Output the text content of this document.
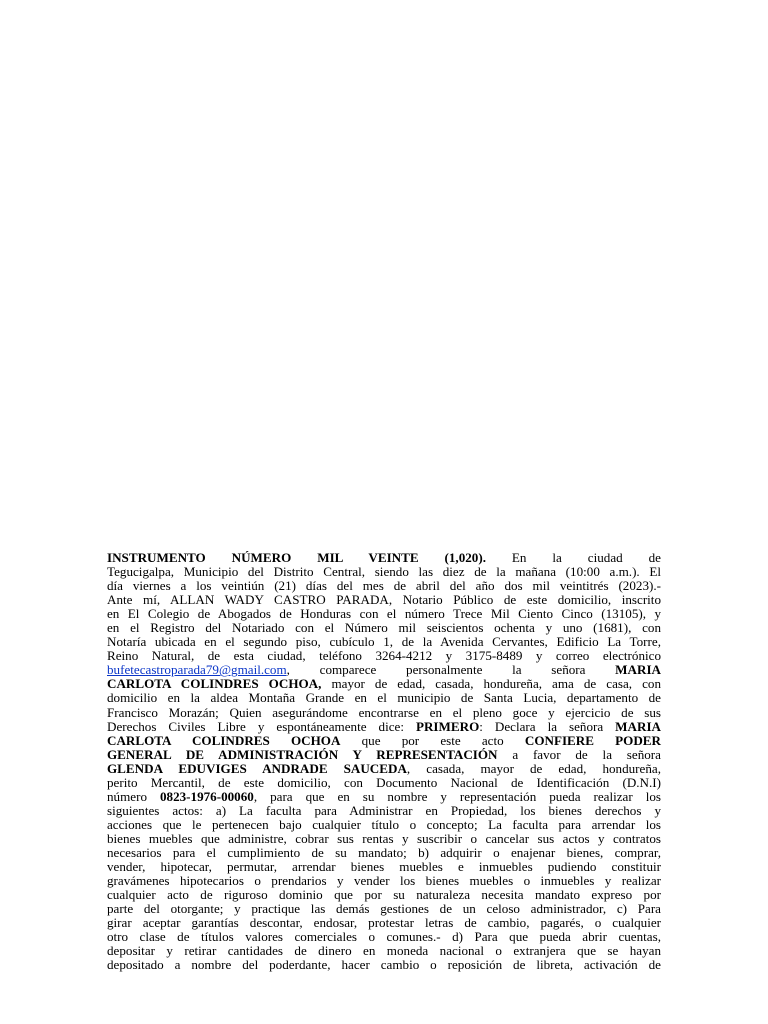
INSTRUMENTO NÚMERO MIL VEINTE (1,020). En la ciudad de
Tegucigalpa, Municipio del Distrito Central, siendo las diez de la mañana (10:00 a.m.). El
día viernes a los veintiún (21) días del mes de abril del año dos mil veintitrés (2023).-
Ante mí, ALLAN WADY CASTRO PARADA, Notario Público de este domicilio, inscrito
en El Colegio de Abogados de Honduras con el número Trece Mil Ciento Cinco (13105), y
en el Registro del Notariado con el Número mil seiscientos ochenta y uno (1681), con
Notaría ubicada en el segundo piso, cubículo 1, de la Avenida Cervantes, Edificio La Torre,
Reino Natural, de esta ciudad, teléfono 3264-4212 y 3175-8489 y correo electrónico
bufetecastroparada79@gmail.com, comparece personalmente la señora MARIA
CARLOTA COLINDRES OCHOA, mayor de edad, casada, hondureña, ama de casa, con
domicilio en la aldea Montaña Grande en el municipio de Santa Lucia, departamento de
Francisco Morazán; Quien asegurándome encontrarse en el pleno goce y ejercicio de sus
Derechos Civiles Libre y espontáneamente dice: PRIMERO: Declara la señora MARIA
CARLOTA COLINDRES OCHOA que por este acto CONFIERE PODER
GENERAL DE ADMINISTRACIÓN Y REPRESENTACIÓN a favor de la señora
GLENDA EDUVIGES ANDRADE SAUCEDA, casada, mayor de edad, hondureña,
perito Mercantil, de este domicilio, con Documento Nacional de Identificación (D.N.I)
número 0823-1976-00060, para que en su nombre y representación pueda realizar los
siguientes actos: a) La faculta para Administrar en Propiedad, los bienes derechos y
acciones que le pertenecen bajo cualquier título o concepto; La faculta para arrendar los
bienes muebles que administre, cobrar sus rentas y suscribir o cancelar sus actos y contratos
necesarios para el cumplimiento de su mandato; b) adquirir o enajenar bienes, comprar,
vender, hipotecar, permutar, arrendar bienes muebles e inmuebles pudiendo constituir
gravámenes hipotecarios o prendarios y vender los bienes muebles o inmuebles y realizar
cualquier acto de riguroso dominio que por su naturaleza necesita mandato expreso por
parte del otorgante; y practique las demás gestiones de un celoso administrador, c) Para
girar aceptar garantías descontar, endosar, protestar letras de cambio, pagarés, o cualquier
otro clase de títulos valores comerciales o comunes.- d) Para que pueda abrir cuentas,
depositar y retirar cantidades de dinero en moneda nacional o extranjera que se hayan
depositado a nombre del poderdante, hacer cambio o reposición de libreta, activación de
